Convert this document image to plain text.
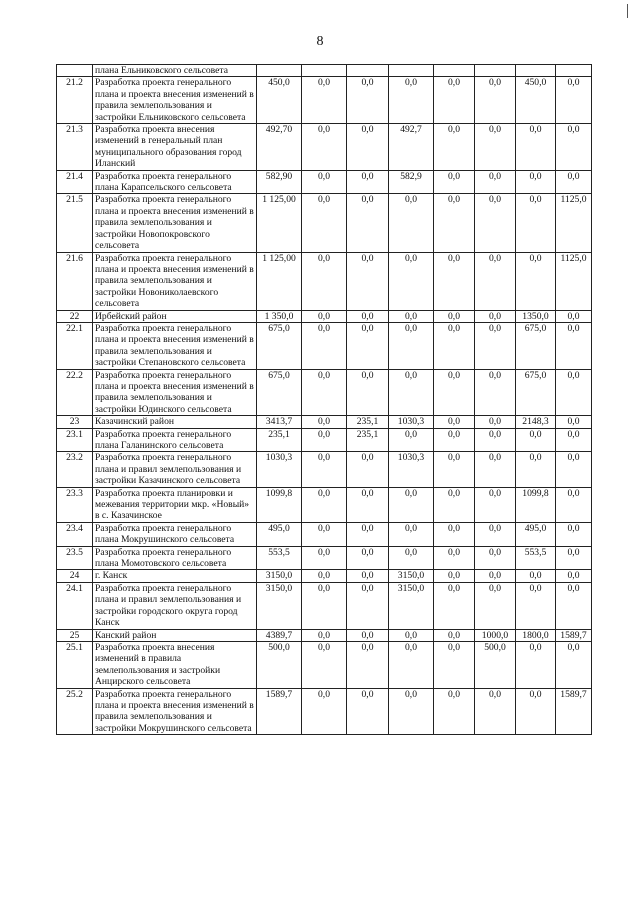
8
	плана Ельниковского сельсовета								
21.2	Разработка проекта генерального плана и проекта внесения изменений в правила землепользования и застройки Ельниковского сельсовета	450,0	0,0	0,0	0,0	0,0	0,0	450,0	0,0
21.3	Разработка проекта внесения изменений в генеральный план муниципального образования город Иланский	492,70	0,0	0,0	492,7	0,0	0,0	0,0	0,0
21.4	Разработка проекта генерального плана Карапсельского сельсовета	582,90	0,0	0,0	582,9	0,0	0,0	0,0	0,0
21.5	Разработка проекта генерального плана и проекта внесения изменений в правила землепользования и застройки Новопокровского сельсовета	1 125,00	0,0	0,0	0,0	0,0	0,0	0,0	1125,0
21.6	Разработка проекта генерального плана и проекта внесения изменений в правила землепользования и застройки Новониколаевского сельсовета	1 125,00	0,0	0,0	0,0	0,0	0,0	0,0	1125,0
22	Ирбейский район	1 350,0	0,0	0,0	0,0	0,0	0,0	1350,0	0,0
22.1	Разработка проекта генерального плана и проекта внесения изменений в правила землепользования и застройки Степановского сельсовета	675,0	0,0	0,0	0,0	0,0	0,0	675,0	0,0
22.2	Разработка проекта генерального плана и проекта внесения изменений в правила землепользования и застройки Юдинского сельсовета	675,0	0,0	0,0	0,0	0,0	0,0	675,0	0,0
23	Казачинский район	3413,7	0,0	235,1	1030,3	0,0	0,0	2148,3	0,0
23.1	Разработка проекта генерального плана Галанинского сельсовета	235,1	0,0	235,1	0,0	0,0	0,0	0,0	0,0
23.2	Разработка проекта генерального плана и правил землепользования и застройки Казачинского сельсовета	1030,3	0,0	0,0	1030,3	0,0	0,0	0,0	0,0
23.3	Разработка проекта планировки и межевания территории мкр. «Новый» в с. Казачинское	1099,8	0,0	0,0	0,0	0,0	0,0	1099,8	0,0
23.4	Разработка проекта генерального плана Мокрушинского сельсовета	495,0	0,0	0,0	0,0	0,0	0,0	495,0	0,0
23.5	Разработка проекта генерального плана Момотовского сельсовета	553,5	0,0	0,0	0,0	0,0	0,0	553,5	0,0
24	г. Канск	3150,0	0,0	0,0	3150,0	0,0	0,0	0,0	0,0
24.1	Разработка проекта генерального плана и правил землепользования и застройки городского округа город Канск	3150,0	0,0	0,0	3150,0	0,0	0,0	0,0	0,0
25	Канский район	4389,7	0,0	0,0	0,0	0,0	1000,0	1800,0	1589,7
25.1	Разработка проекта внесения изменений в правила землепользования и застройки Анцирского сельсовета	500,0	0,0	0,0	0,0	0,0	500,0	0,0	0,0
25.2	Разработка проекта генерального плана и проекта внесения изменений в правила землепользования и застройки Мокрушинского сельсовета	1589,7	0,0	0,0	0,0	0,0	0,0	0,0	1589,7
